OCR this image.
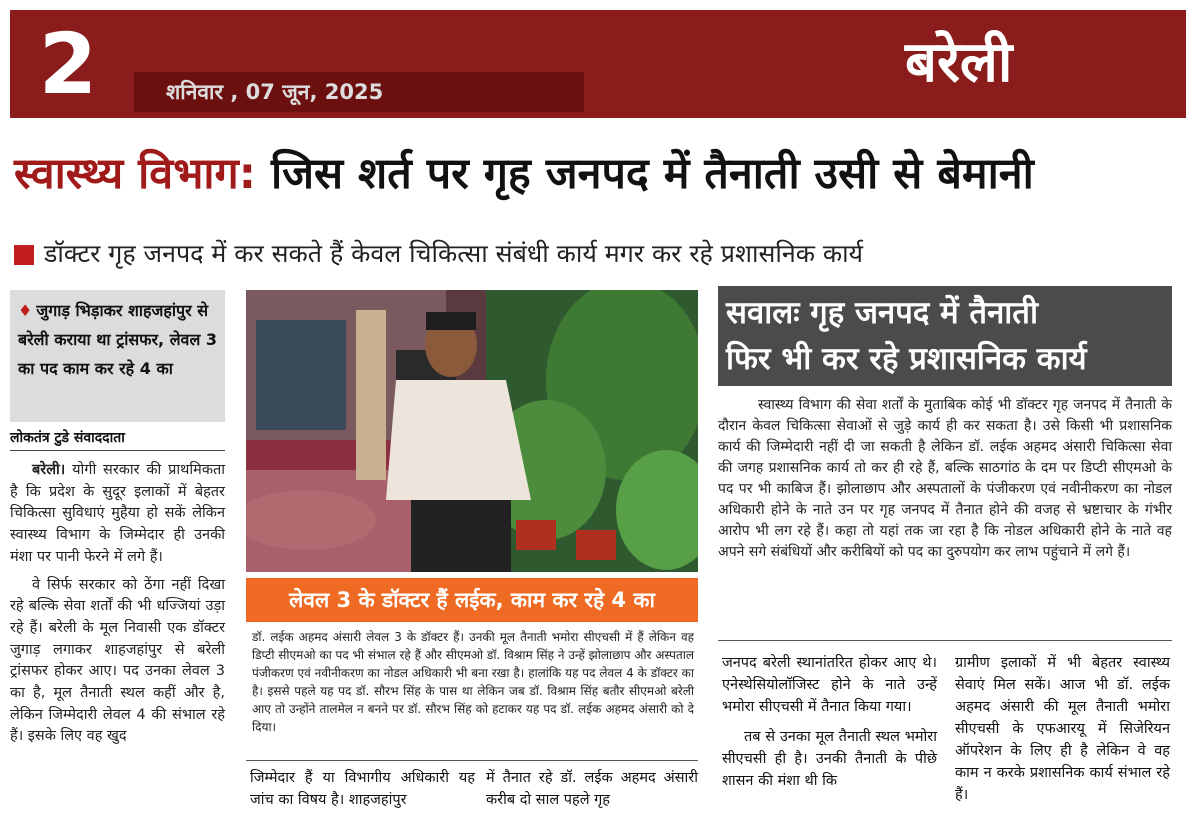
2	शनिवार , 07 जून, 2025	बरेली
स्वास्थ्य विभाग: जिस शर्त पर गृह जनपद में तैनाती उसी से बेमानी
डॉक्टर गृह जनपद में कर सकते हैं केवल चिकित्सा संबंधी कार्य मगर कर रहे प्रशासनिक कार्य
♦ जुगाड़ भिड़ाकर शाहजहांपुर से बरेली कराया था ट्रांसफर, लेवल 3 का पद काम कर रहे 4 का
लोकतंत्र टुडे संवाददाता

बरेली। योगी सरकार की प्राथमिकता है कि प्रदेश के सुदूर इलाकों में बेहतर चिकित्सा सुविधाएं मुहैया हो सकें लेकिन स्वास्थ्य विभाग के जिम्मेदार ही उनकी मंशा पर पानी फेरने में लगे हैं।

वे सिर्फ सरकार को ठेंगा नहीं दिखा रहे बल्कि सेवा शर्तों की भी धज्जियां उड़ा रहे हैं। बरेली के मूल निवासी एक डॉक्टर जुगाड़ लगाकर शाहजहांपुर से बरेली ट्रांसफर होकर आए। पद उनका लेवल 3 का है, मूल तैनाती स्थल कहीं और है, लेकिन जिम्मेदारी लेवल 4 की संभाल रहे हैं। इसके लिए वह खुद

लेवल 3 के डॉक्टर हैं लईक, काम कर रहे 4 का
डॉ. लईक अहमद अंसारी लेवल 3 के डॉक्टर हैं। उनकी मूल तैनाती भमोरा सीएचसी में हैं लेकिन वह डिप्टी सीएमओ का पद भी संभाल रहे हैं और सीएमओ डॉ. विश्राम सिंह ने उन्हें झोलाछाप और अस्पताल पंजीकरण एवं नवीनीकरण का नोडल अधिकारी भी बना रखा है। हालांकि यह पद लेवल 4 के डॉक्टर का है। इससे पहले यह पद डॉ. सौरभ सिंह के पास था लेकिन जब डॉ. विश्राम सिंह बतौर सीएमओ बरेली आए तो उन्होंने तालमेल न बनने पर डॉ. सौरभ सिंह को हटाकर यह पद डॉ. लईक अहमद अंसारी को दे दिया।
जिम्मेदार हैं या विभागीय अधिकारी यह जांच का विषय है। शाहजहांपुर
में तैनात रहे डॉ. लईक अहमद अंसारी करीब दो साल पहले गृह
सवालः गृह जनपद में तैनाती
फिर भी कर रहे प्रशासनिक कार्य

स्वास्थ्य विभाग की सेवा शर्तों के मुताबिक कोई भी डॉक्टर गृह जनपद में तैनाती के दौरान केवल चिकित्सा सेवाओं से जुड़े कार्य ही कर सकता है। उसे किसी भी प्रशासनिक कार्य की जिम्मेदारी नहीं दी जा सकती है लेकिन डॉ. लईक अहमद अंसारी चिकित्सा सेवा की जगह प्रशासनिक कार्य तो कर ही रहे हैं, बल्कि साठगांठ के दम पर डिप्टी सीएमओ के पद पर भी काबिज हैं। झोलाछाप और अस्पतालों के पंजीकरण एवं नवीनीकरण का नोडल अधिकारी होने के नाते उन पर गृह जनपद में तैनात होने की वजह से भ्रष्टाचार के गंभीर आरोप भी लग रहे हैं। कहा तो यहां तक जा रहा है कि नोडल अधिकारी होने के नाते वह अपने सगे संबंधियों और करीबियों को पद का दुरुपयोग कर लाभ पहुंचाने में लगे हैं।

जनपद बरेली स्थानांतरित होकर आए थे। एनेस्थेसियोलॉजिस्ट होने के नाते उन्हें भमोरा सीएचसी में तैनात किया गया।

तब से उनका मूल तैनाती स्थल भमोरा सीएचसी ही है। उनकी तैनाती के पीछे शासन की मंशा थी कि

ग्रामीण इलाकों में भी बेहतर स्वास्थ्य सेवाएं मिल सकें। आज भी डॉ. लईक अहमद अंसारी की मूल तैनाती भमोरा सीएचसी के एफआरयू में सिजेरियन ऑपरेशन के लिए ही है लेकिन वे वह काम न करके प्रशासनिक कार्य संभाल रहे हैं।
